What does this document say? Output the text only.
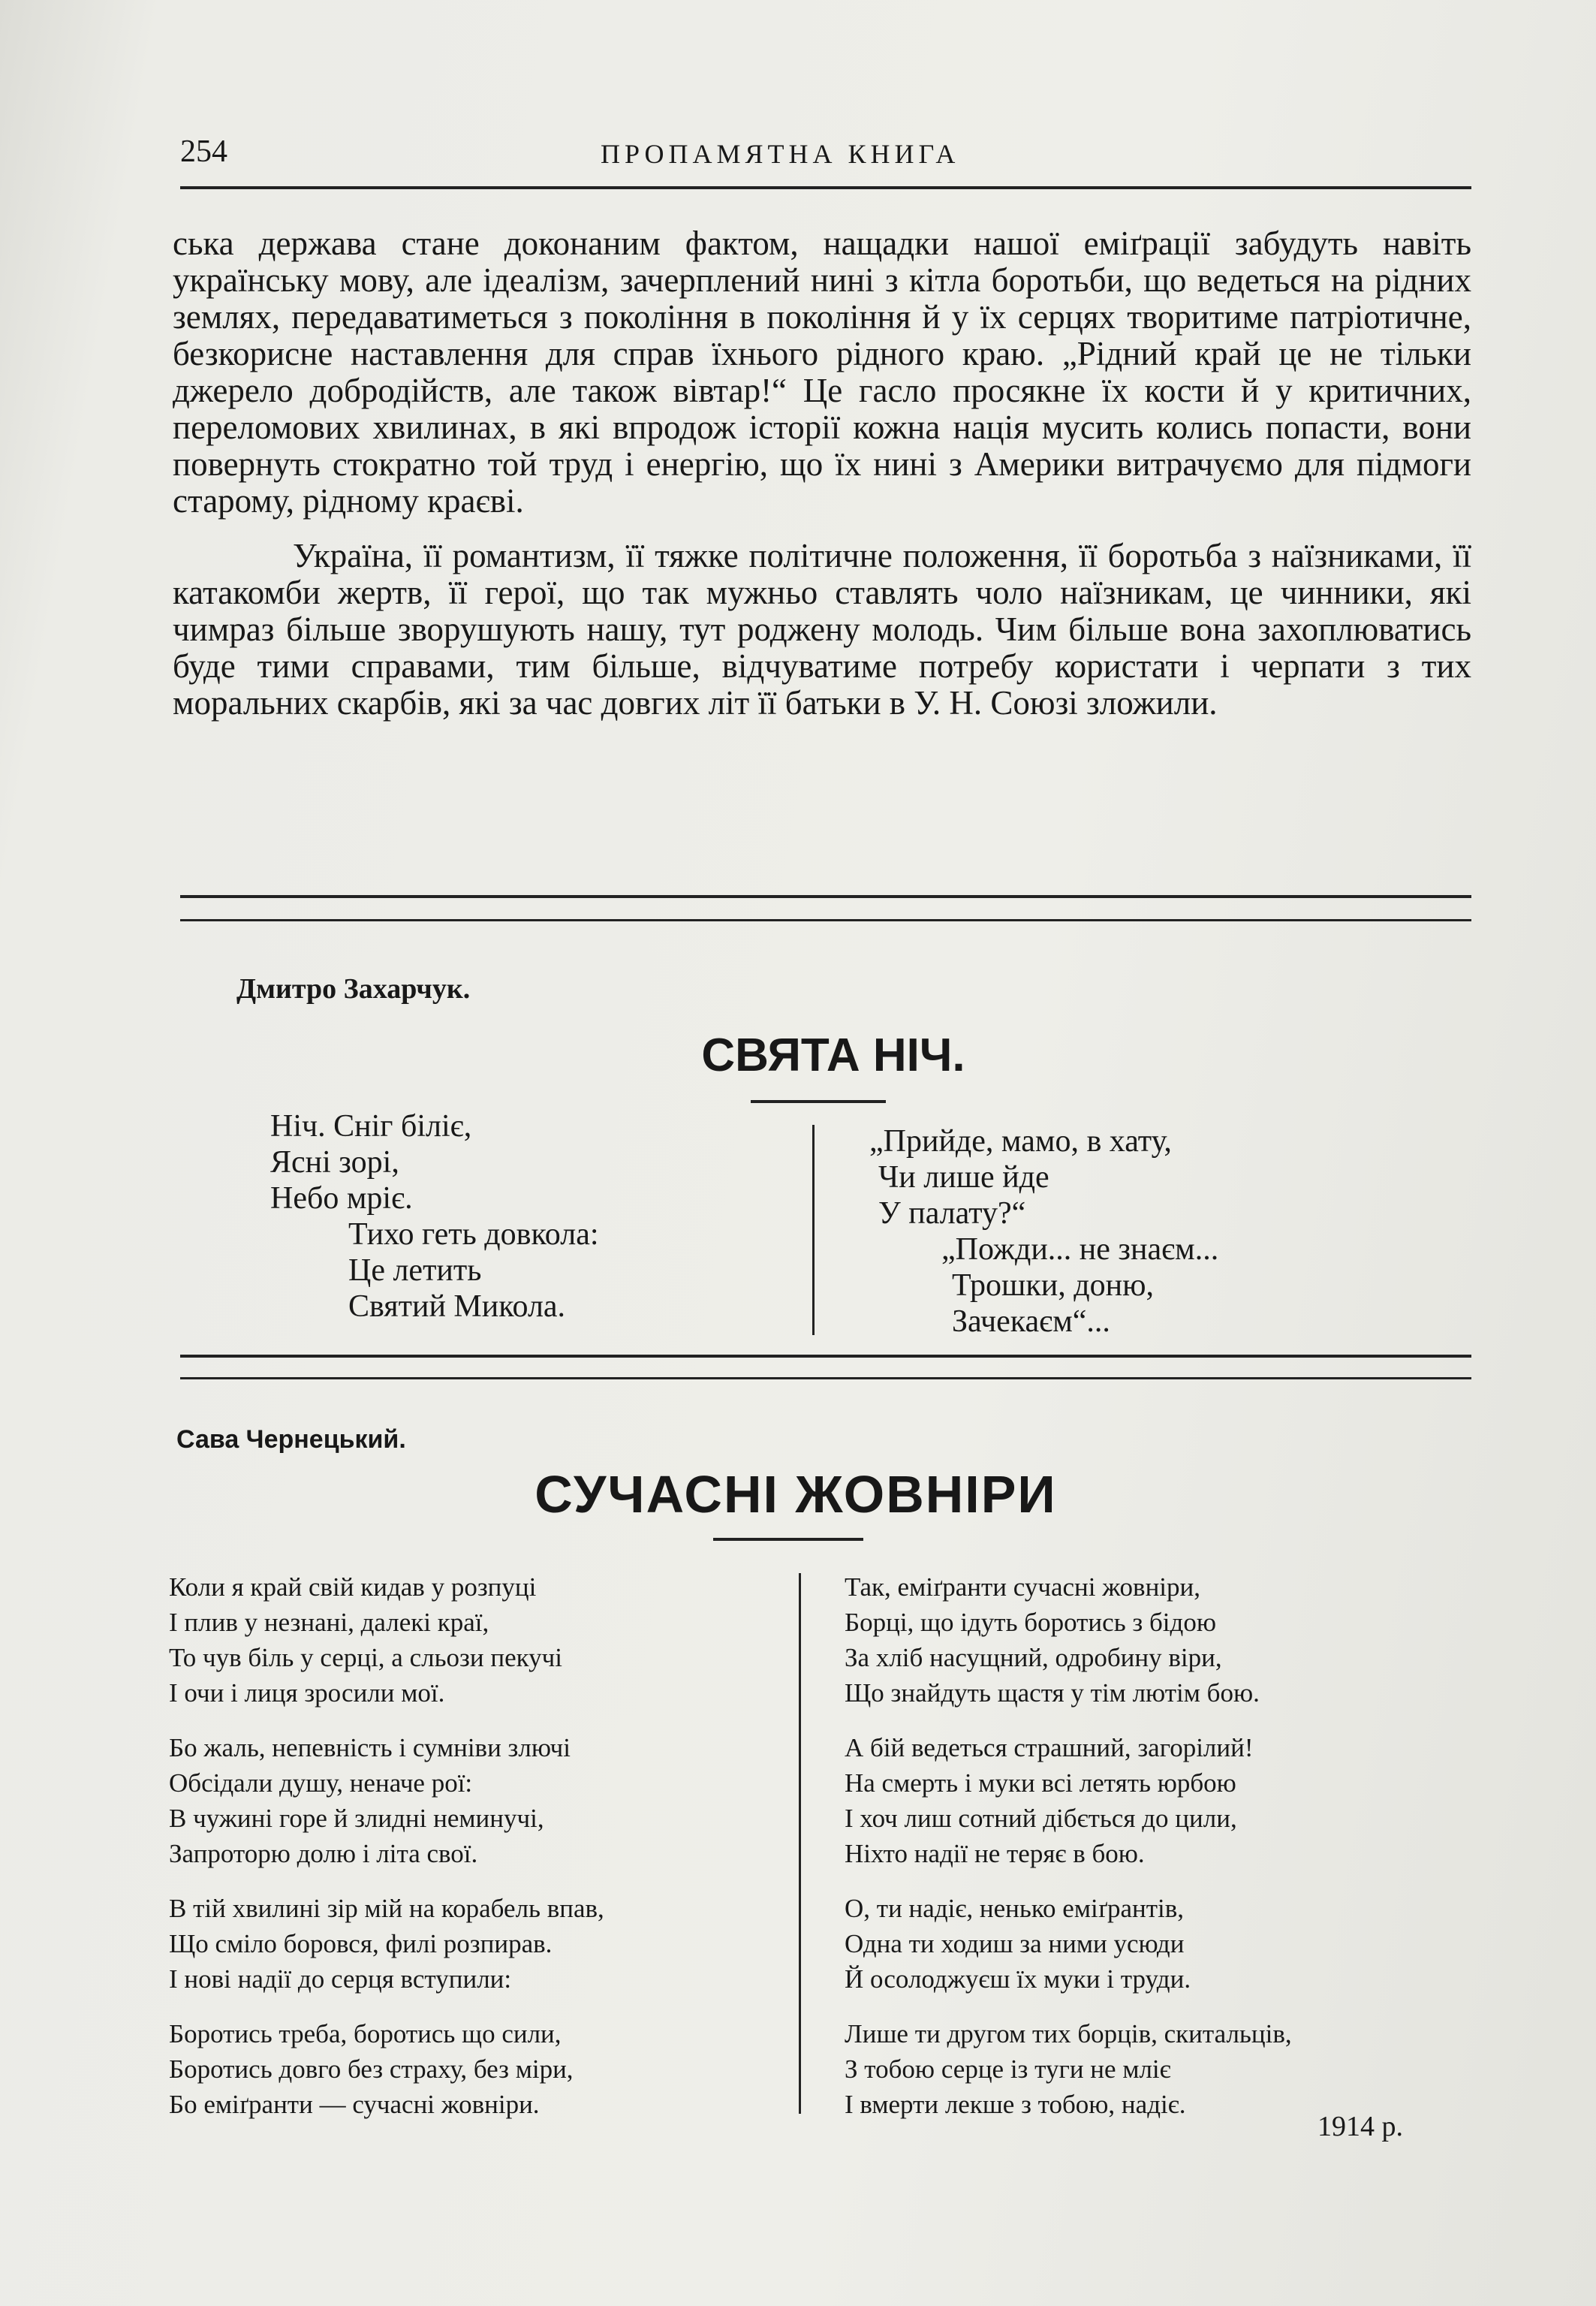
254	ПРОПАМЯТНА КНИГА

ська держава стане доконаним фактом, нащадки нашої еміґрації забудуть навіть українську мову, але ідеалізм, зачерплений нині з кітла боротьби, що ведеться на рідних землях, передаватиметься з покоління в покоління й у їх серцях творитиме патріотичне, безкорисне наставлення для справ їхнього рідного краю. „Рідний край це не тільки джерело добродійств, але також вівтар!“ Це гасло просякне їх кости й у критичних, переломових хвилинах, в які впродож історії кожна нація мусить колись попасти, вони повернуть стократно той труд і енергію, що їх нині з Америки витрачуємо для підмоги старому, рідному краєві.

Україна, її романтизм, її тяжке політичне положення, її боротьба з наїзниками, її катакомби жертв, її герої, що так мужньо ставлять чоло наїзникам, це чинники, які чимраз більше зворушують нашу, тут роджену молодь. Чим більше вона захоплюватись буде тими справами, тим більше, відчуватиме потребу користати і черпати з тих моральних скарбів, які за час довгих літ її батьки в У. Н. Союзі зложили.

Дмитро Захарчук.
СВЯТА НІЧ.
Ніч. Сніг біліє,
Ясні зорі,
Небо мріє.
Тихо геть довкола:
Це летить
Святий Микола.
„Прийде, мамо, в хату,
Чи лише йде
У палату?“
„Пожди... не знаєм...
Трошки, доню,
Зачекаєм“...
Сава Чернецький.
СУЧАСНІ ЖОВНІРИ
Коли я край свій кидав у розпуці
І плив у незнані, далекі краї,
То чув біль у серці, а сльози пекучі
І очи і лиця зросили мої.
Бо жаль, непевність і сумніви злючі
Обсідали душу, неначе рої:
В чужині горе й злидні неминучі,
Запроторю долю і літа свої.
В тій хвилині зір мій на корабель впав,
Що сміло боровся, филі розпирав.
І нові надії до серця вступили:
Боротись треба, боротись що сили,
Боротись довго без страху, без міри,
Бо еміґранти — сучасні жовніри.
Так, еміґранти сучасні жовніри,
Борці, що ідуть боротись з бідою
За хліб насущний, одробину віри,
Що знайдуть щастя у тім лютім бою.
А бій ведеться страшний, загорілий!
На смерть і муки всі летять юрбою
І хоч лиш сотний дібється до цили,
Ніхто надії не теряє в бою.
О, ти надіє, ненько еміґрантів,
Одна ти ходиш за ними усюди
Й осолоджуєш їх муки і труди.
Лише ти другом тих борців, скитальців,
З тобою серце із туги не мліє
І вмерти лекше з тобою, надіє.
1914 р.
